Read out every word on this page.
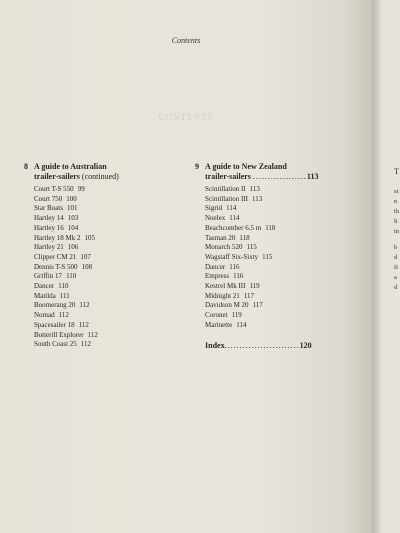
Contents
CONTENTS
8 A guide to Australian
trailer-sailers (continued)
Court T-S 550 99
Court 750 100
Star Boats 101
Hartley 14 103
Hartley 16 104
Hartley 18 Mk 2 105
Hartley 21 106
Clipper CM 21 107
Dennis T-S 500 108
Griffin 17 110
Dancer 110
Matilda 111
Boomerang 20 112
Nomad 112
Spacesailer 18 112
Botterill Explorer 112
South Coast 25 112
9 A guide to New Zealand
trailer-sailers ..................113
Scintillation II 113
Scintillation III 113
Sigrid 114
Noelex 114
Beachcomber 6.5 m 118
Tasman 20 118
Monarch 520 115
Wagstaff Six-Sixty 115
Dancer 116
Empress 116
Kestrel Mk III 119
Midnight 21 117
Davidson M 20 117
Coronet 119
Marinette 114
Index.........................120
T
st
n
th
li
in
b
d
fi
a
d
